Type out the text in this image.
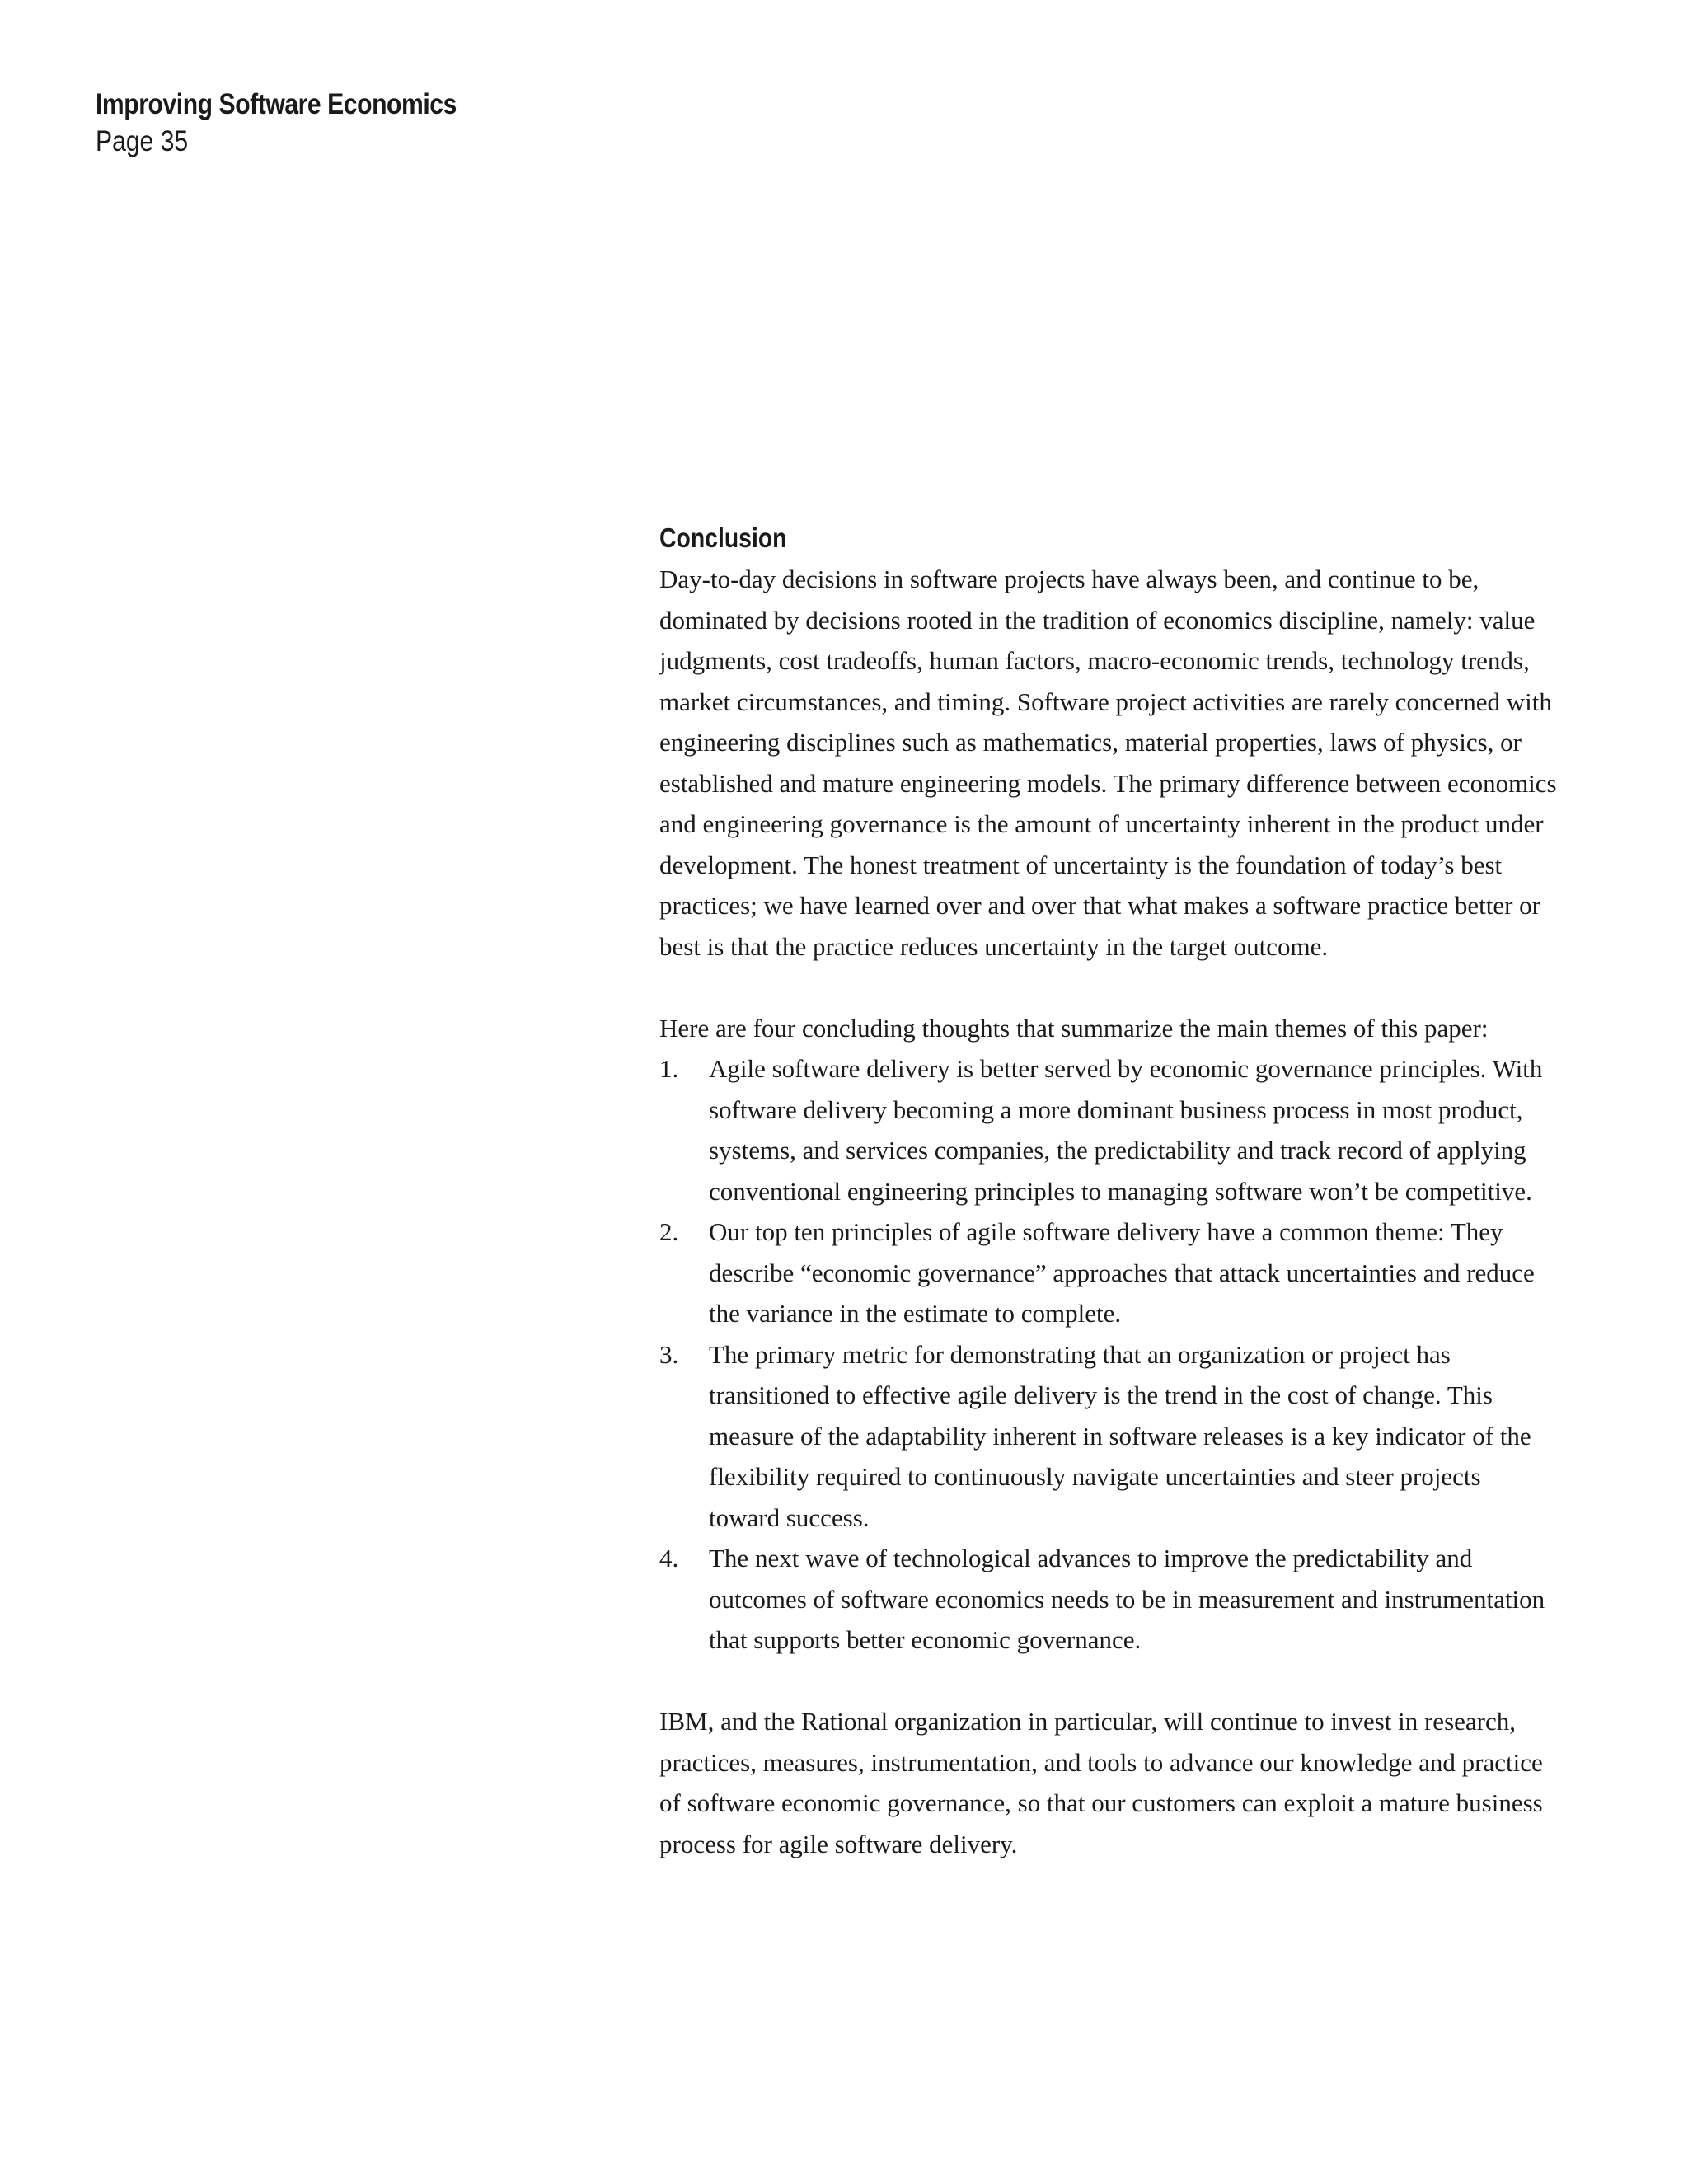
Improving Software Economics
Page 35
Conclusion

Day-to-day decisions in software projects have always been, and continue to be, dominated by decisions rooted in the tradition of economics discipline, namely: value judgments, cost tradeoffs, human factors, macro-economic trends, technology trends, market circumstances, and timing. Software project activities are rarely concerned with engineering disciplines such as mathematics, material properties, laws of physics, or established and mature engineering models. The primary difference between economics and engineering governance is the amount of uncertainty inherent in the product under development. The honest treatment of uncertainty is the foundation of today’s best practices; we have learned over and over that what makes a software practice better or best is that the practice reduces uncertainty in the target outcome.

Here are four concluding thoughts that summarize the main themes of this paper:

1. Agile software delivery is better served by economic governance principles. With software delivery becoming a more dominant business process in most product, systems, and services companies, the predictability and track record of applying conventional engineering principles to managing software won’t be competitive.
2. Our top ten principles of agile software delivery have a common theme: They describe “economic governance” approaches that attack uncertainties and reduce the variance in the estimate to complete.
3. The primary metric for demonstrating that an organization or project has transitioned to effective agile delivery is the trend in the cost of change. This measure of the adaptability inherent in software releases is a key indicator of the flexibility required to continuously navigate uncertainties and steer projects toward success.
4. The next wave of technological advances to improve the predictability and outcomes of software economics needs to be in measurement and instrumentation that supports better economic governance.

IBM, and the Rational organization in particular, will continue to invest in research, practices, measures, instrumentation, and tools to advance our knowledge and practice of software economic governance, so that our customers can exploit a mature business process for agile software delivery.
